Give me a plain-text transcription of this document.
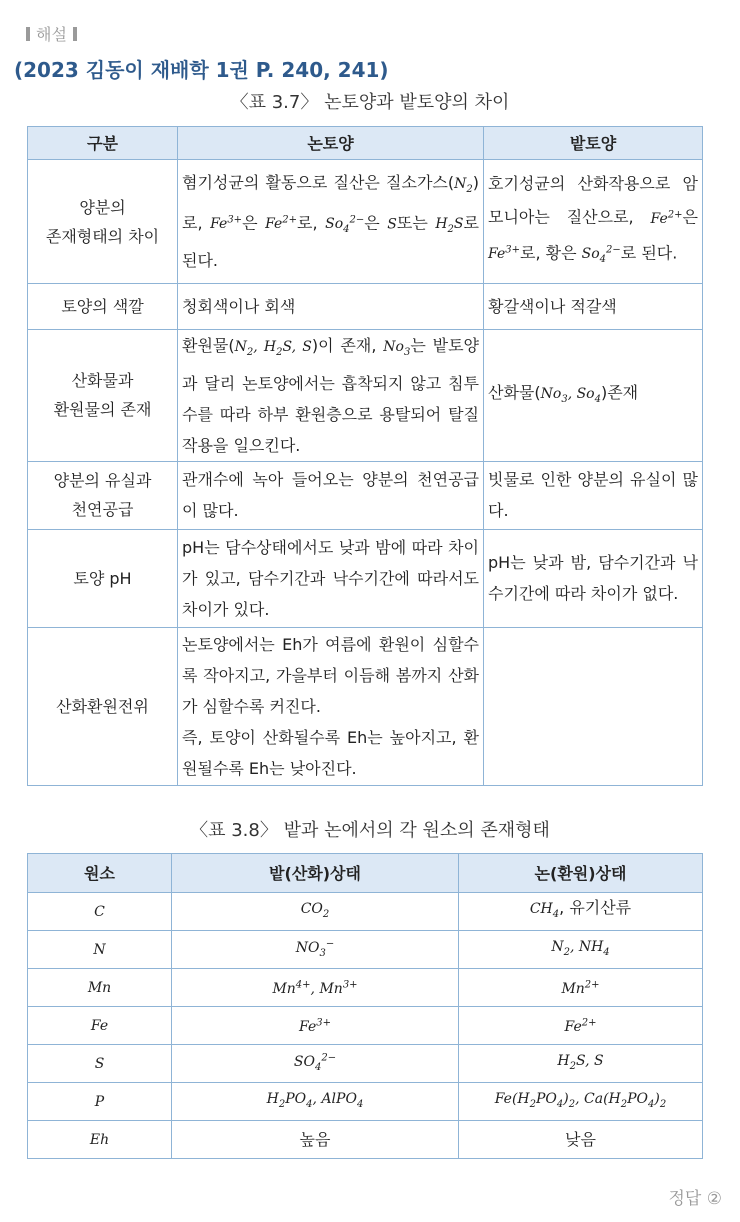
해설
(2023 김동이 재배학 1권 P. 240, 241)
〈표 3.7〉 논토양과 밭토양의 차이
구분	논토양	밭토양
양분의
존재형태의 차이	혐기성균의 활동으로 질산은 질소가스$(N_2)$로, $Fe^{3+}$은 $Fe^{2+}$로, $So_4^{2-}$은 S또는 $H_2S$로 된다.	호기성균의 산화작용으로 암모니아는 질산으로, $Fe^{2+}$은 $Fe^{3+}$로, 황은 $So_4^{2-}$로 된다.
토양의 색깔	청회색이나 회색	황갈색이나 적갈색
산화물과
환원물의 존재	환원물($N_2$, $H_2S$, S)이 존재, $No_3$는 밭토양과 달리 논토양에서는 흡착되지 않고 침투수를 따라 하부 환원층으로 용탈되어 탈질작용을 일으킨다.	산화물($No_3$, $So_4$)존재
양분의 유실과
천연공급	관개수에 녹아 들어오는 양분의 천연공급이 많다.	빗물로 인한 양분의 유실이 많다.
토양 pH	pH는 담수상태에서도 낮과 밤에 따라 차이가 있고, 담수기간과 낙수기간에 따라서도 차이가 있다.	pH는 낮과 밤, 담수기간과 낙수기간에 따라 차이가 없다.
산화환원전위	논토양에서는 Eh가 여름에 환원이 심할수록 작아지고, 가을부터 이듬해 봄까지 산화가 심할수록 커진다.
즉, 토양이 산화될수록 Eh는 높아지고, 환원될수록 Eh는 낮아진다.	
〈표 3.8〉 밭과 논에서의 각 원소의 존재형태
원소	밭(산화)상태	논(환원)상태
C	$CO_2$	$CH_4$, 유기산류
N	$NO_3^-$	$N_2$, $NH_4$
Mn	$Mn^{4+}$, $Mn^{3+}$	$Mn^{2+}$
Fe	$Fe^{3+}$	$Fe^{2+}$
S	$SO_4^{2-}$	$H_2S$, S
P	$H_2PO_4$, AlPO$_4$	$Fe(H_2PO_4)_2$, $Ca(H_2PO_4)_2$
Eh	높음	낮음
정답 ②
